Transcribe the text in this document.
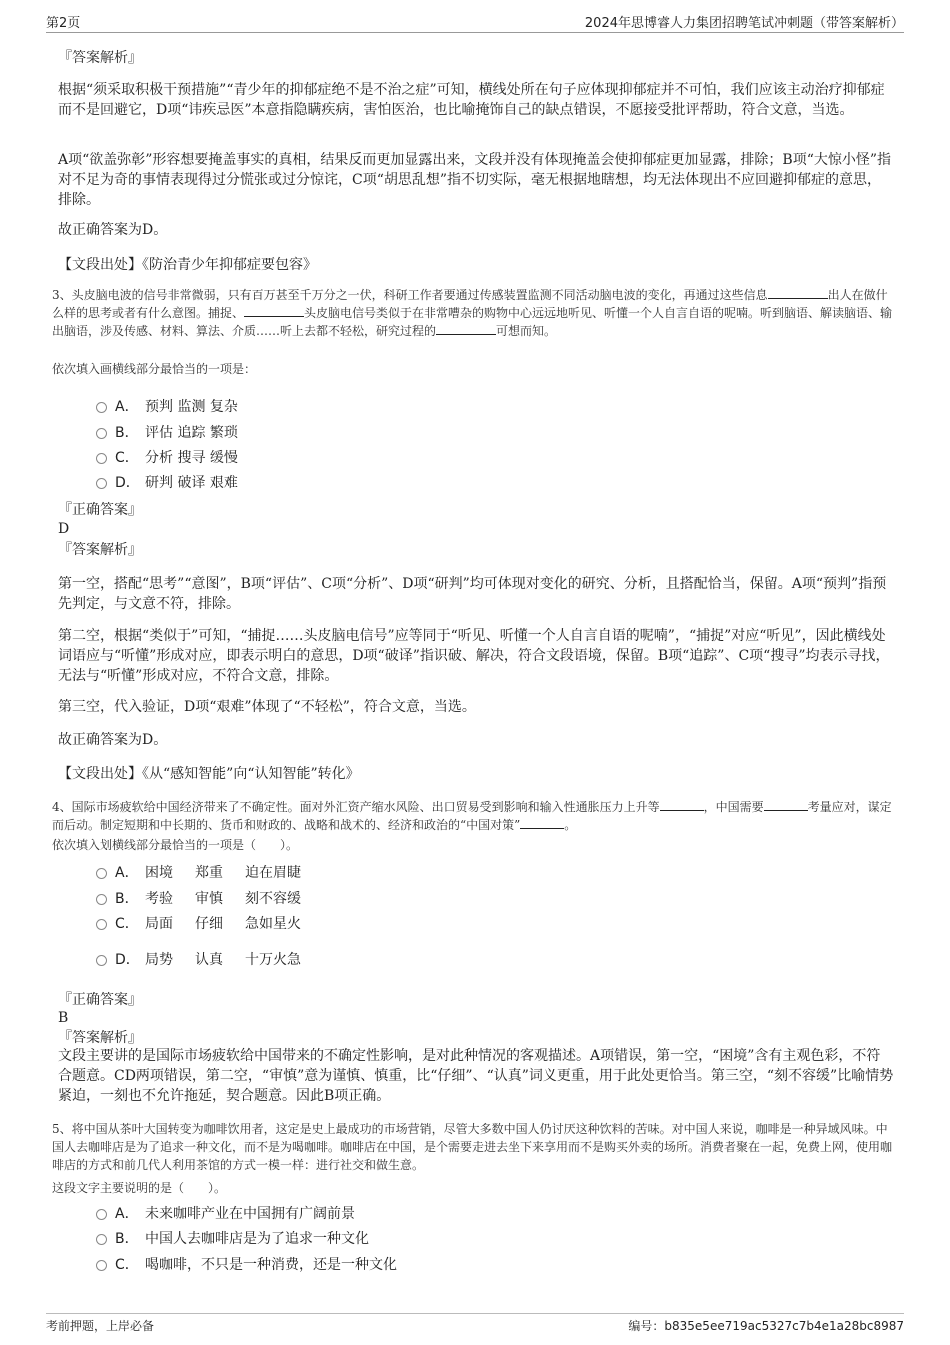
第2页	2024年思博睿人力集团招聘笔试冲刺题（带答案解析）
『答案解析』
根据“须采取积极干预措施”“青少年的抑郁症绝不是不治之症”可知，横线处所在句子应体现抑郁症并不可怕，我们应该主动治疗抑郁症而不是回避它，D项“讳疾忌医”本意指隐瞒疾病，害怕医治，也比喻掩饰自己的缺点错误，不愿接受批评帮助，符合文意，当选。
A项“欲盖弥彰”形容想要掩盖事实的真相，结果反而更加显露出来，文段并没有体现掩盖会使抑郁症更加显露，排除；B项“大惊小怪”指对不足为奇的事情表现得过分慌张或过分惊诧，C项“胡思乱想”指不切实际，毫无根据地瞎想，均无法体现出不应回避抑郁症的意思，排除。
故正确答案为D。
【文段出处】《防治青少年抑郁症要包容》
3、头皮脑电波的信号非常微弱，只有百万甚至千万分之一伏，科研工作者要通过传感装置监测不同活动脑电波的变化，再通过这些信息	出人在做什么样的思考或者有什么意图。捕捉、	头皮脑电信号类似于在非常嘈杂的购物中心远远地听见、听懂一个人自言自语的呢喃。听到脑语、解读脑语、输出脑语，涉及传感、材料、算法、介质……听上去都不轻松，研究过程的	可想而知。
依次填入画横线部分最恰当的一项是：
A． 预判 监测 复杂
B． 评估 追踪 繁琐
C． 分析 搜寻 缓慢
D． 研判 破译 艰难
『正确答案』
D
『答案解析』
第一空，搭配“思考”“意图”，B项“评估”、C项“分析”、D项“研判”均可体现对变化的研究、分析，且搭配恰当，保留。A项“预判”指预先判定，与文意不符，排除。
第二空，根据“类似于”可知，“捕捉……头皮脑电信号”应等同于“听见、听懂一个人自言自语的呢喃”，“捕捉”对应“听见”，因此横线处词语应与“听懂”形成对应，即表示明白的意思，D项“破译”指识破、解决，符合文段语境，保留。B项“追踪”、C项“搜寻”均表示寻找，无法与“听懂”形成对应，不符合文意，排除。
第三空，代入验证，D项“艰难”体现了“不轻松”，符合文意，当选。
故正确答案为D。
【文段出处】《从“感知智能”向“认知智能”转化》
4、国际市场疲软给中国经济带来了不确定性。面对外汇资产缩水风险、出口贸易受到影响和输入性通胀压力上升等	，中国需要	考量应对，谋定而后动。制定短期和中长期的、货币和财政的、战略和战术的、经济和政治的“中国对策”	。
依次填入划横线部分最恰当的一项是（　　）。
A． 困境 郑重 迫在眉睫
B． 考验 审慎 刻不容缓
C． 局面 仔细 急如星火
D． 局势 认真 十万火急
『正确答案』
B
『答案解析』
文段主要讲的是国际市场疲软给中国带来的不确定性影响，是对此种情况的客观描述。A项错误，第一空，“困境”含有主观色彩，不符合题意。CD两项错误，第二空，“审慎”意为谨慎、慎重，比“仔细”、“认真”词义更重，用于此处更恰当。第三空，“刻不容缓”比喻情势紧迫，一刻也不允许拖延，契合题意。因此B项正确。
5、将中国从茶叶大国转变为咖啡饮用者，这定是史上最成功的市场营销，尽管大多数中国人仍讨厌这种饮料的苦味。对中国人来说，咖啡是一种异域风味。中国人去咖啡店是为了追求一种文化，而不是为喝咖啡。咖啡店在中国，是个需要走进去坐下来享用而不是购买外卖的场所。消费者聚在一起，免费上网，使用咖啡店的方式和前几代人利用茶馆的方式一模一样：进行社交和做生意。
这段文字主要说明的是（　　）。
A． 未来咖啡产业在中国拥有广阔前景
B． 中国人去咖啡店是为了追求一种文化
C． 喝咖啡，不只是一种消费，还是一种文化
考前押题，上岸必备	编号：b835e5ee719ac5327c7b4e1a28bc8987
